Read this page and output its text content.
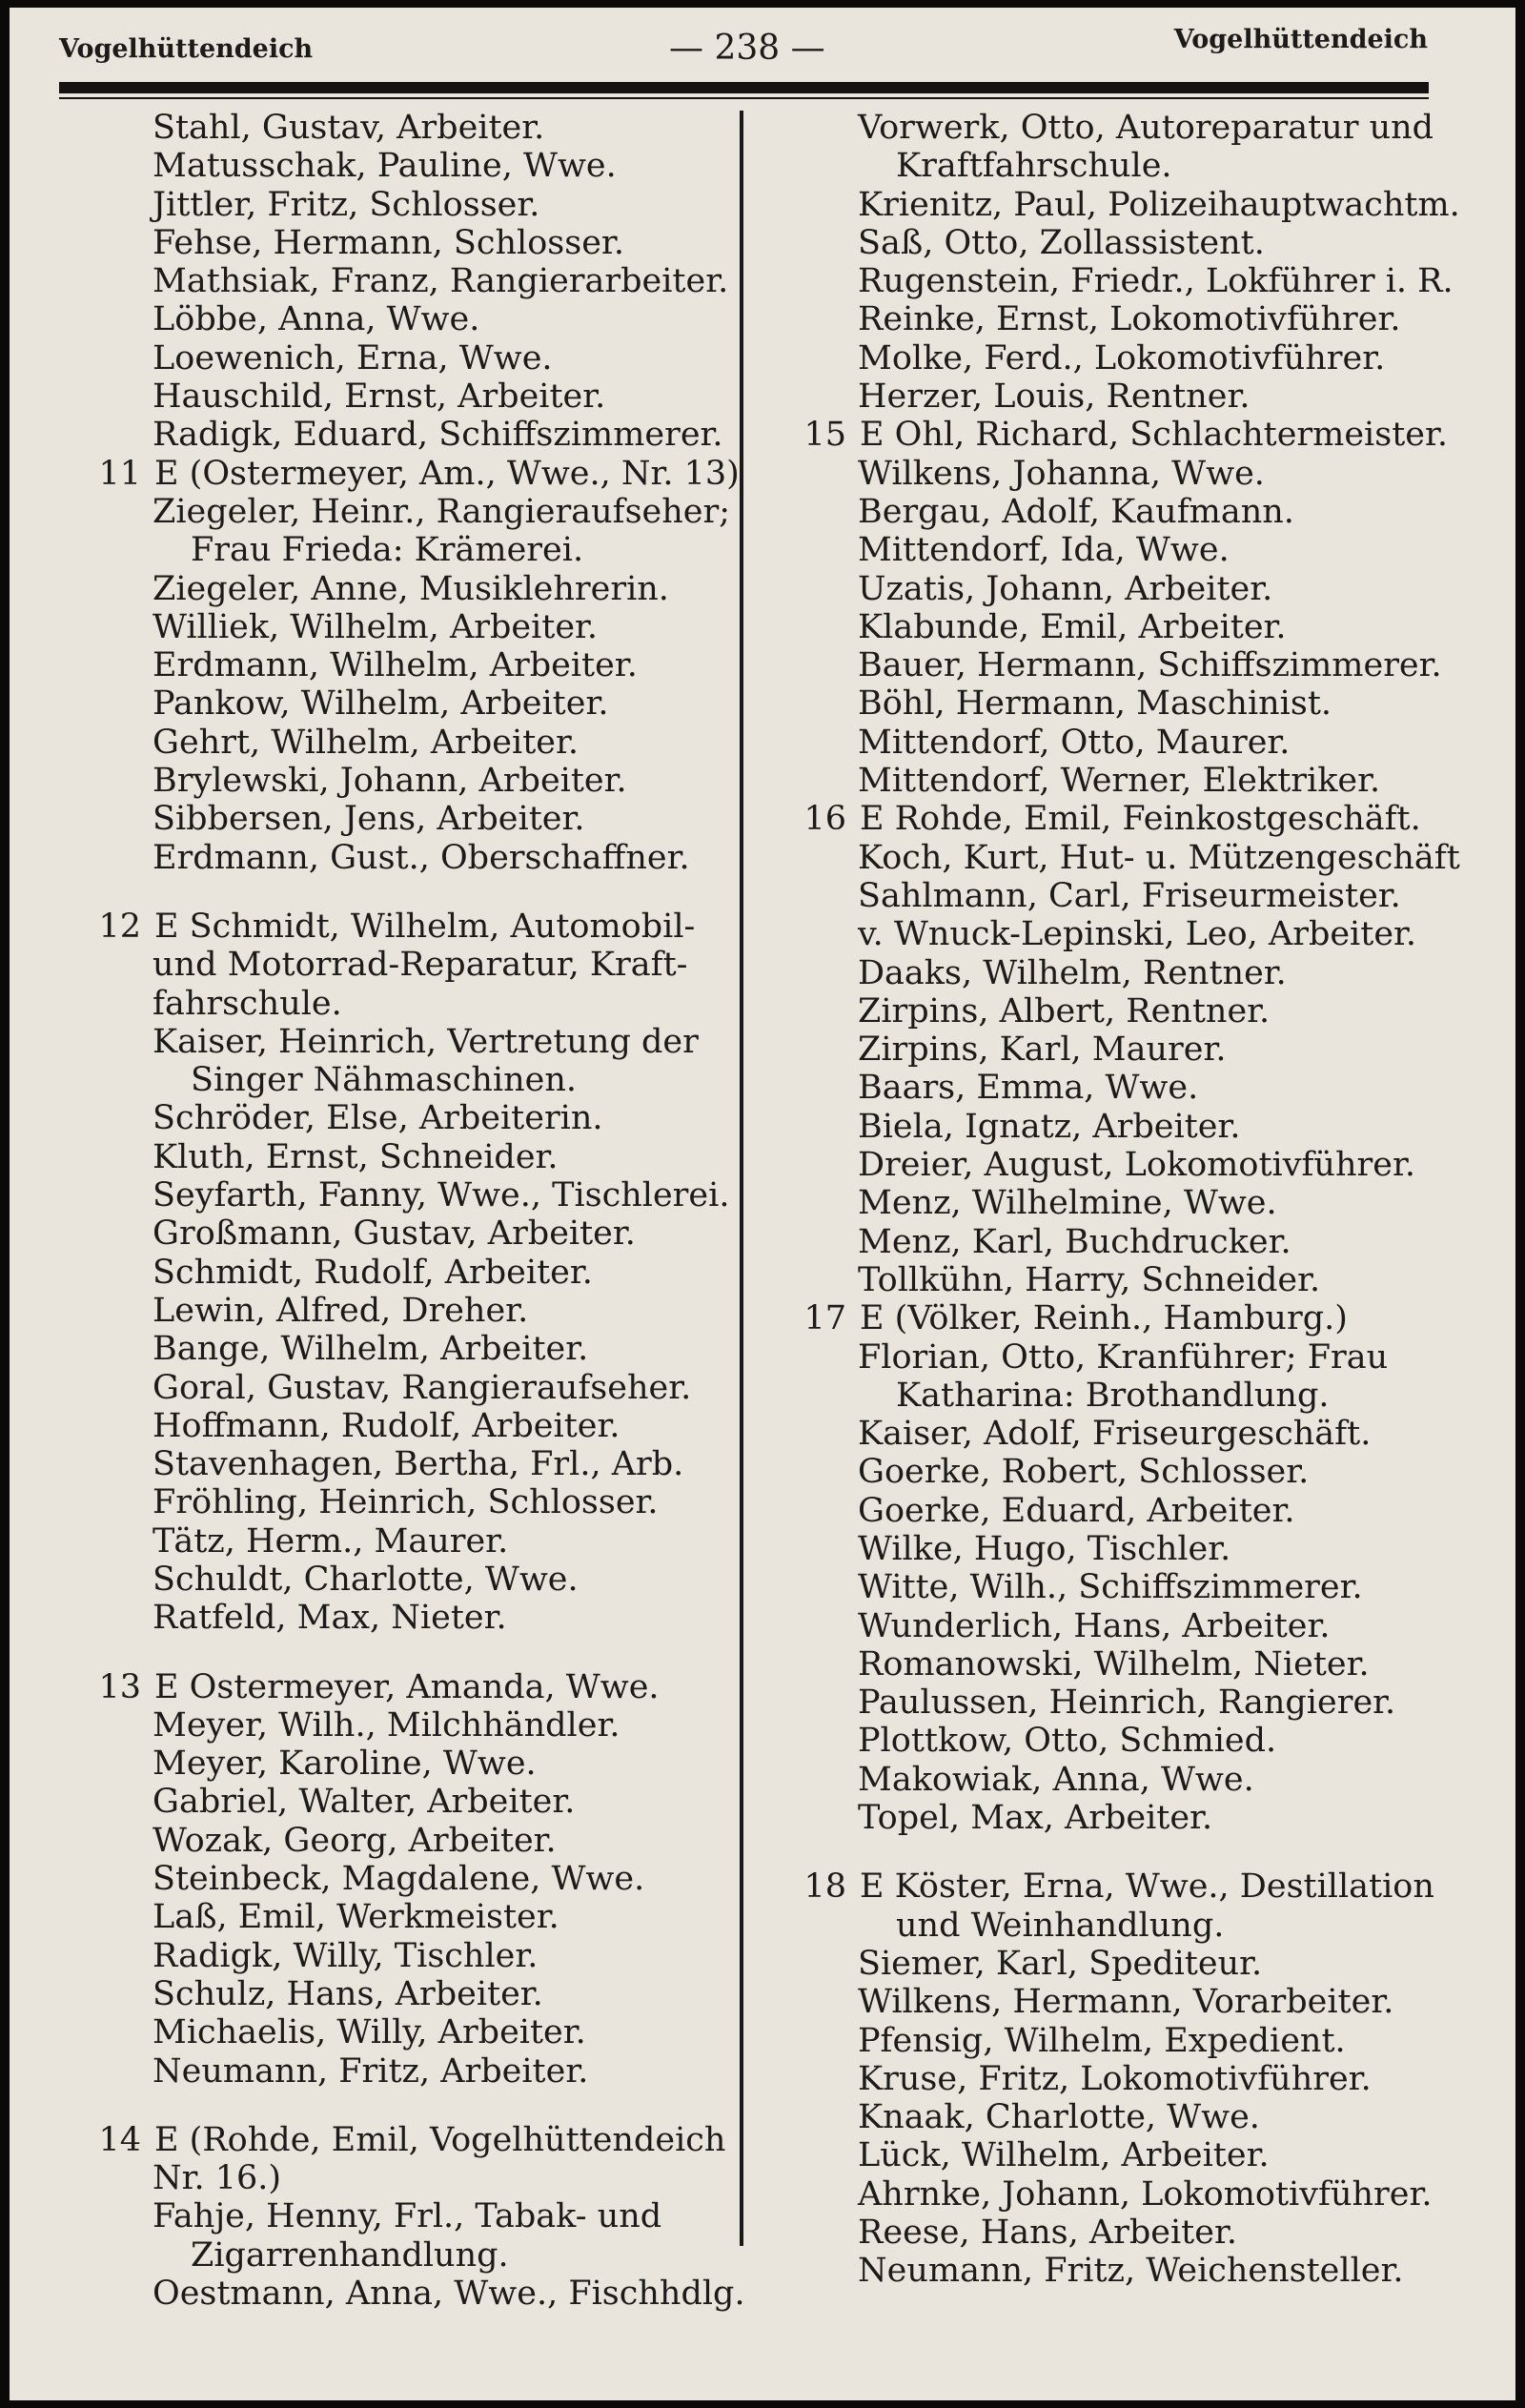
Vogelhüttendeich	— 238 —	Vogelhüttendeich
Stahl, Gustav, Arbeiter.
Matusschak, Pauline, Wwe.
Jittler, Fritz, Schlosser.
Fehse, Hermann, Schlosser.
Mathsiak, Franz, Rangierarbeiter.
Löbbe, Anna, Wwe.
Loewenich, Erna, Wwe.
Hauschild, Ernst, Arbeiter.
Radigk, Eduard, Schiffszimmerer.
11 E (Ostermeyer, Am., Wwe., Nr. 13)
Ziegeler, Heinr., Rangieraufseher;
Frau Frieda: Krämerei.
Ziegeler, Anne, Musiklehrerin.
Williek, Wilhelm, Arbeiter.
Erdmann, Wilhelm, Arbeiter.
Pankow, Wilhelm, Arbeiter.
Gehrt, Wilhelm, Arbeiter.
Brylewski, Johann, Arbeiter.
Sibbersen, Jens, Arbeiter.
Erdmann, Gust., Oberschaffner.
12 E Schmidt, Wilhelm, Automobil-
und Motorrad-Reparatur, Kraft-
fahrschule.
Kaiser, Heinrich, Vertretung der
Singer Nähmaschinen.
Schröder, Else, Arbeiterin.
Kluth, Ernst, Schneider.
Seyfarth, Fanny, Wwe., Tischlerei.
Großmann, Gustav, Arbeiter.
Schmidt, Rudolf, Arbeiter.
Lewin, Alfred, Dreher.
Bange, Wilhelm, Arbeiter.
Goral, Gustav, Rangieraufseher.
Hoffmann, Rudolf, Arbeiter.
Stavenhagen, Bertha, Frl., Arb.
Fröhling, Heinrich, Schlosser.
Tätz, Herm., Maurer.
Schuldt, Charlotte, Wwe.
Ratfeld, Max, Nieter.
13 E Ostermeyer, Amanda, Wwe.
Meyer, Wilh., Milchhändler.
Meyer, Karoline, Wwe.
Gabriel, Walter, Arbeiter.
Wozak, Georg, Arbeiter.
Steinbeck, Magdalene, Wwe.
Laß, Emil, Werkmeister.
Radigk, Willy, Tischler.
Schulz, Hans, Arbeiter.
Michaelis, Willy, Arbeiter.
Neumann, Fritz, Arbeiter.
14 E (Rohde, Emil, Vogelhüttendeich
Nr. 16.)
Fahje, Henny, Frl., Tabak- und
Zigarrenhandlung.
Oestmann, Anna, Wwe., Fischhdlg.
Vorwerk, Otto, Autoreparatur und
Kraftfahrschule.
Krienitz, Paul, Polizeihauptwachtm.
Saß, Otto, Zollassistent.
Rugenstein, Friedr., Lokführer i. R.
Reinke, Ernst, Lokomotivführer.
Molke, Ferd., Lokomotivführer.
Herzer, Louis, Rentner.
15 E Ohl, Richard, Schlachtermeister.
Wilkens, Johanna, Wwe.
Bergau, Adolf, Kaufmann.
Mittendorf, Ida, Wwe.
Uzatis, Johann, Arbeiter.
Klabunde, Emil, Arbeiter.
Bauer, Hermann, Schiffszimmerer.
Böhl, Hermann, Maschinist.
Mittendorf, Otto, Maurer.
Mittendorf, Werner, Elektriker.
16 E Rohde, Emil, Feinkostgeschäft.
Koch, Kurt, Hut- u. Mützengeschäft
Sahlmann, Carl, Friseurmeister.
v. Wnuck-Lepinski, Leo, Arbeiter.
Daaks, Wilhelm, Rentner.
Zirpins, Albert, Rentner.
Zirpins, Karl, Maurer.
Baars, Emma, Wwe.
Biela, Ignatz, Arbeiter.
Dreier, August, Lokomotivführer.
Menz, Wilhelmine, Wwe.
Menz, Karl, Buchdrucker.
Tollkühn, Harry, Schneider.
17 E (Völker, Reinh., Hamburg.)
Florian, Otto, Kranführer; Frau
Katharina: Brothandlung.
Kaiser, Adolf, Friseurgeschäft.
Goerke, Robert, Schlosser.
Goerke, Eduard, Arbeiter.
Wilke, Hugo, Tischler.
Witte, Wilh., Schiffszimmerer.
Wunderlich, Hans, Arbeiter.
Romanowski, Wilhelm, Nieter.
Paulussen, Heinrich, Rangierer.
Plottkow, Otto, Schmied.
Makowiak, Anna, Wwe.
Topel, Max, Arbeiter.
18 E Köster, Erna, Wwe., Destillation
und Weinhandlung.
Siemer, Karl, Spediteur.
Wilkens, Hermann, Vorarbeiter.
Pfensig, Wilhelm, Expedient.
Kruse, Fritz, Lokomotivführer.
Knaak, Charlotte, Wwe.
Lück, Wilhelm, Arbeiter.
Ahrnke, Johann, Lokomotivführer.
Reese, Hans, Arbeiter.
Neumann, Fritz, Weichensteller.
